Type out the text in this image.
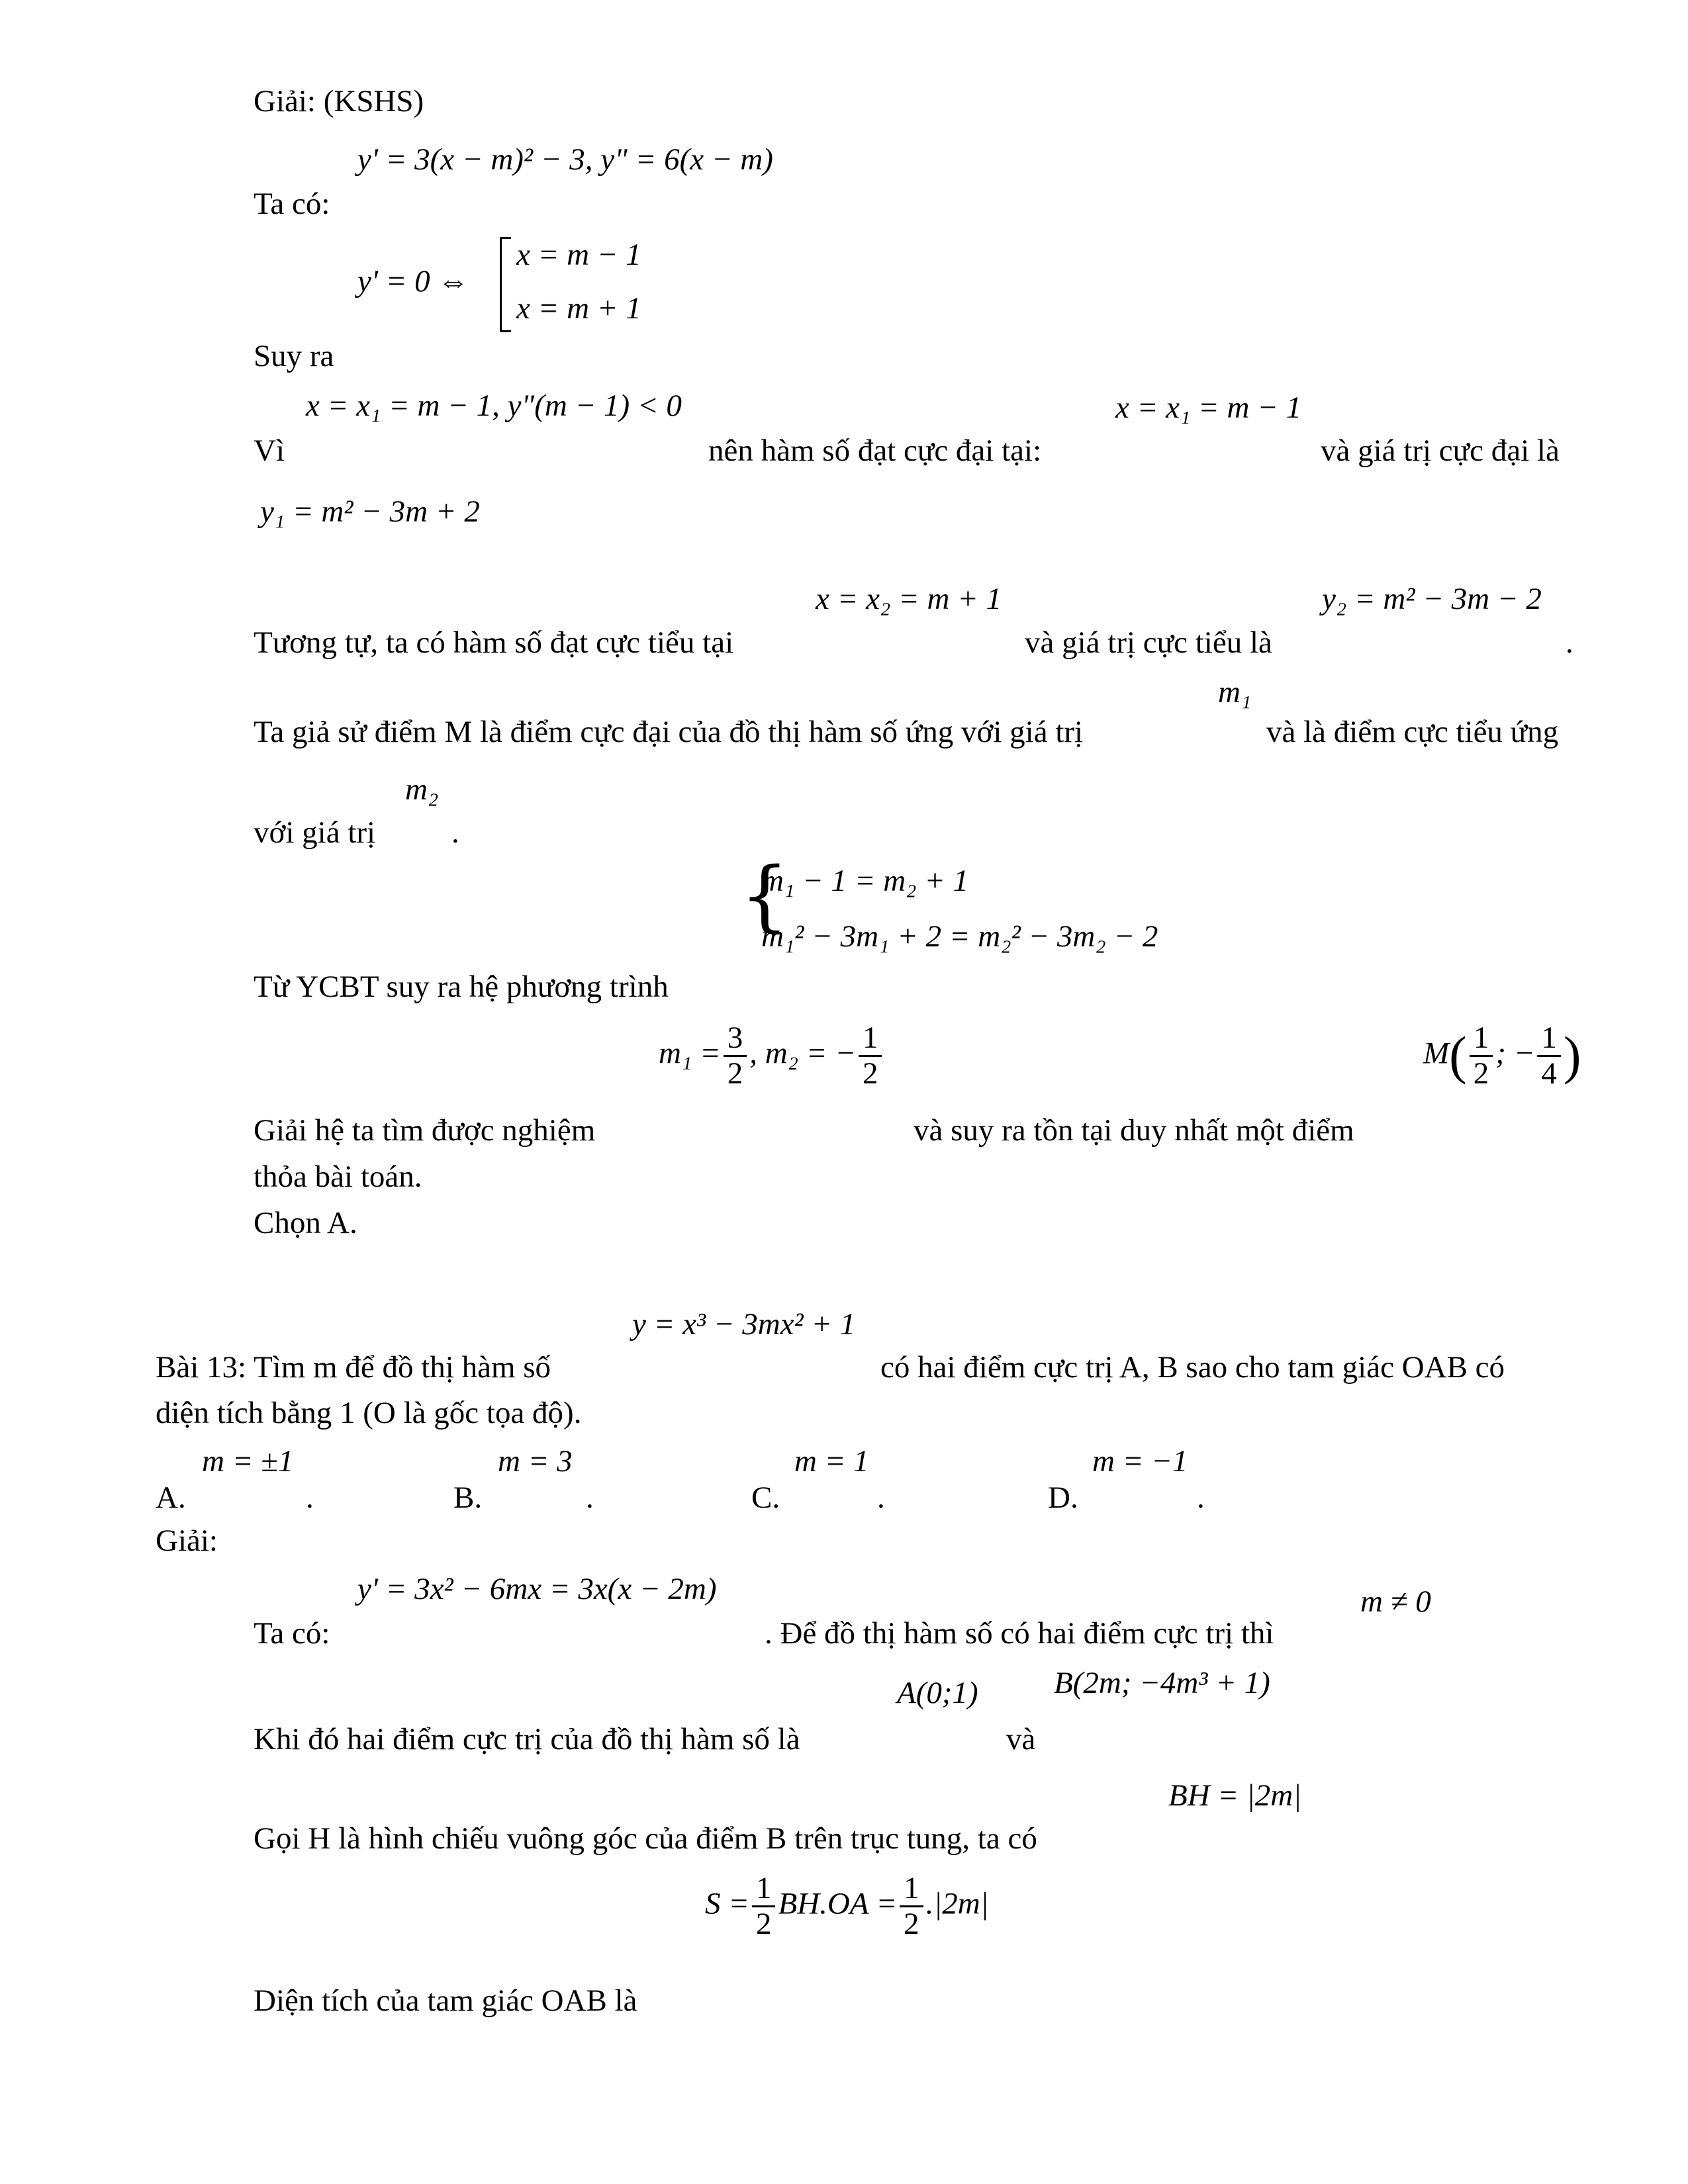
Giải: (KSHS)
y' = 3(x − m)² − 3, y" = 6(x − m)
Ta có:
y' = 0 ⇔
x = m − 1
x = m + 1
Suy ra
x = x₁ = m − 1, y"(m − 1) < 0
Vì	nên hàm số đạt cực đại tại:
x = x₁ = m − 1
và giá trị cực đại là
y₁ = m² − 3m + 2
x = x₂ = m + 1	y₂ = m² − 3m − 2
Tương tự, ta có hàm số đạt cực tiểu tại	và giá trị cực tiểu là	.
m₁
Ta giả sử điểm M là điểm cực đại của đồ thị hàm số ứng với giá trị	và là điểm cực tiểu ứng
m₂
với giá trị .
{
m₁ − 1 = m₂ + 1
m₁² − 3m₁ + 2 = m₂² − 3m₂ − 2
Từ YCBT suy ra hệ phương trình
$m_1 = \frac{3}{2}$ , m₂ = − $\frac{1}{2}$	$M( \frac{1}{2}$ ; − $\frac{1}{4}$ )
Giải hệ ta tìm được nghiệm	và suy ra tồn tại duy nhất một điểm
thỏa bài toán.
Chọn A.
y = x³ − 3mx² + 1
Bài 13: Tìm m để đồ thị hàm số	có hai điểm cực trị A, B sao cho tam giác OAB có
diện tích bằng 1 (O là gốc tọa độ).
m = ±1
A.	.
m = 3
B.	.
m = 1
C.	.
m = −1
D.	.
Giải:
y' = 3x² − 6mx = 3x(x − 2m)	m ≠ 0
Ta có:	. Để đồ thị hàm số có hai điểm cực trị thì
A(0;1) B(2m; −4m³ + 1)
Khi đó hai điểm cực trị của đồ thị hàm số là	và
BH = |2m|
Gọi H là hình chiếu vuông góc của điểm B trên trục tung, ta có
$S = \frac{1}{2} BH.OA = \frac{1}{2} .|2m|$
Diện tích của tam giác OAB là
